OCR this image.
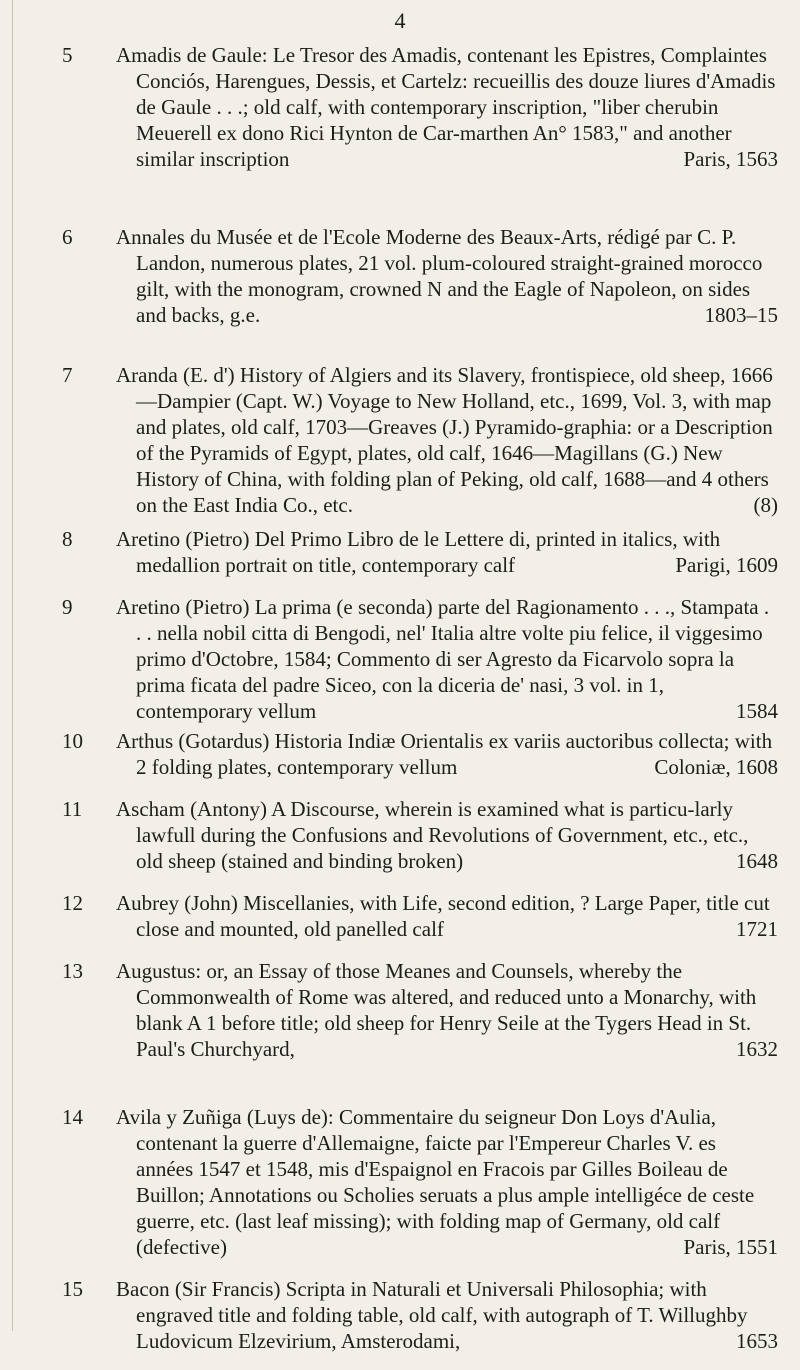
4
5	Amadis de Gaule: Le Tresor des Amadis, contenant les Epistres, Complaintes Conciós, Harengues, Dessis, et Cartelz: recueillis des douze liures d'Amadis de Gaule . . .; old calf, with contemporary inscription, "liber cherubin Meuerell ex dono Rici Hynton de Car-marthen An° 1583," and another similar inscription	Paris, 1563
6	Annales du Musée et de l'Ecole Moderne des Beaux-Arts, rédigé par C. P. Landon, numerous plates, 21 vol. plum-coloured straight-grained morocco gilt, with the monogram, crowned N and the Eagle of Napoleon, on sides and backs, g.e.	1803–15
7	Aranda (E. d') History of Algiers and its Slavery, frontispiece, old sheep, 1666—Dampier (Capt. W.) Voyage to New Holland, etc., 1699, Vol. 3, with map and plates, old calf, 1703—Greaves (J.) Pyramido-graphia: or a Description of the Pyramids of Egypt, plates, old calf, 1646—Magillans (G.) New History of China, with folding plan of Peking, old calf, 1688—and 4 others on the East India Co., etc.	(8)
8	Aretino (Pietro) Del Primo Libro de le Lettere di, printed in italics, with medallion portrait on title, contemporary calf	Parigi, 1609
9	Aretino (Pietro) La prima (e seconda) parte del Ragionamento . . ., Stampata . . . nella nobil citta di Bengodi, nel' Italia altre volte piu felice, il viggesimo primo d'Octobre, 1584; Commento di ser Agresto da Ficarvolo sopra la prima ficata del padre Siceo, con la diceria de' nasi, 3 vol. in 1, contemporary vellum	1584
10	Arthus (Gotardus) Historia Indiæ Orientalis ex variis auctoribus collecta; with 2 folding plates, contemporary vellum	Coloniæ, 1608
11	Ascham (Antony) A Discourse, wherein is examined what is particu-larly lawfull during the Confusions and Revolutions of Government, etc., etc., old sheep (stained and binding broken)	1648
12	Aubrey (John) Miscellanies, with Life, second edition, ? Large Paper, title cut close and mounted, old panelled calf	1721
13	Augustus: or, an Essay of those Meanes and Counsels, whereby the Commonwealth of Rome was altered, and reduced unto a Monarchy, with blank A 1 before title; old sheep for Henry Seile at the Tygers Head in St. Paul's Churchyard,	1632
14	Avila y Zuñiga (Luys de): Commentaire du seigneur Don Loys d'Aulia, contenant la guerre d'Allemaigne, faicte par l'Empereur Charles V. es années 1547 et 1548, mis d'Espaignol en Fracois par Gilles Boileau de Buillon; Annotations ou Scholies seruats a plus ample intelligéce de ceste guerre, etc. (last leaf missing); with folding map of Germany, old calf (defective)	Paris, 1551
15	Bacon (Sir Francis) Scripta in Naturali et Universali Philosophia; with engraved title and folding table, old calf, with autograph of T. Willughby Ludovicum Elzevirium, Amsterodami,	1653
